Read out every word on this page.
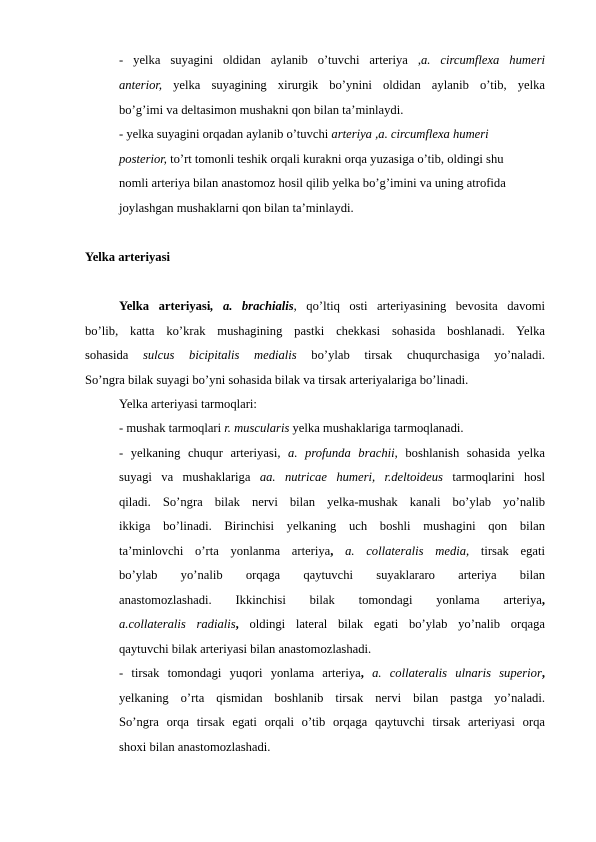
- yelka suyagini oldidan aylanib o’tuvchi arteriya ,a. circumflexa humeri
anterior, yelka suyagining xirurgik bo’ynini oldidan aylanib o’tib, yelka
bo’g’imi va deltasimon mushakni qon bilan ta’minlaydi.
- yelka suyagini orqadan aylanib o’tuvchi arteriya ,a. circumflexa humeri
posterior, to’rt tomonli teshik orqali kurakni orqa yuzasiga o’tib, oldingi shu
nomli arteriya bilan anastomoz hosil qilib yelka bo’g’imini va uning atrofida
joylashgan mushaklarni qon bilan ta’minlaydi.
Yelka arteriyasi
Yelka arteriyasi, a. brachialis, qo’ltiq osti arteriyasining bevosita davomi
bo’lib, katta ko’krak mushagining pastki chekkasi sohasida boshlanadi. Yelka
sohasida sulcus bicipitalis medialis bo’ylab tirsak chuqurchasiga yo’naladi.
So’ngra bilak suyagi bo’yni sohasida bilak va tirsak arteriyalariga bo’linadi.
Yelka arteriyasi tarmoqlari:
- mushak tarmoqlari r. muscularis yelka mushaklariga tarmoqlanadi.
- yelkaning chuqur arteriyasi, a. profunda brachii, boshlanish sohasida yelka
suyagi va mushaklariga aa. nutricae humeri, r.deltoideus tarmoqlarini hosl
qiladi. So’ngra bilak nervi bilan yelka-mushak kanali bo’ylab yo’nalib
ikkiga bo’linadi. Birinchisi yelkaning uch boshli mushagini qon bilan
ta’minlovchi o’rta yonlanma arteriya, a. collateralis media, tirsak egati
bo’ylab yo’nalib orqaga qaytuvchi suyaklararo arteriya bilan
anastomozlashadi. Ikkinchisi bilak tomondagi yonlama arteriya,
a.collateralis radialis, oldingi lateral bilak egati bo’ylab yo’nalib orqaga
qaytuvchi bilak arteriyasi bilan anastomozlashadi.
- tirsak tomondagi yuqori yonlama arteriya, a. collateralis ulnaris superior,
yelkaning o’rta qismidan boshlanib tirsak nervi bilan pastga yo’naladi.
So’ngra orqa tirsak egati orqali o’tib orqaga qaytuvchi tirsak arteriyasi orqa
shoxi bilan anastomozlashadi.
